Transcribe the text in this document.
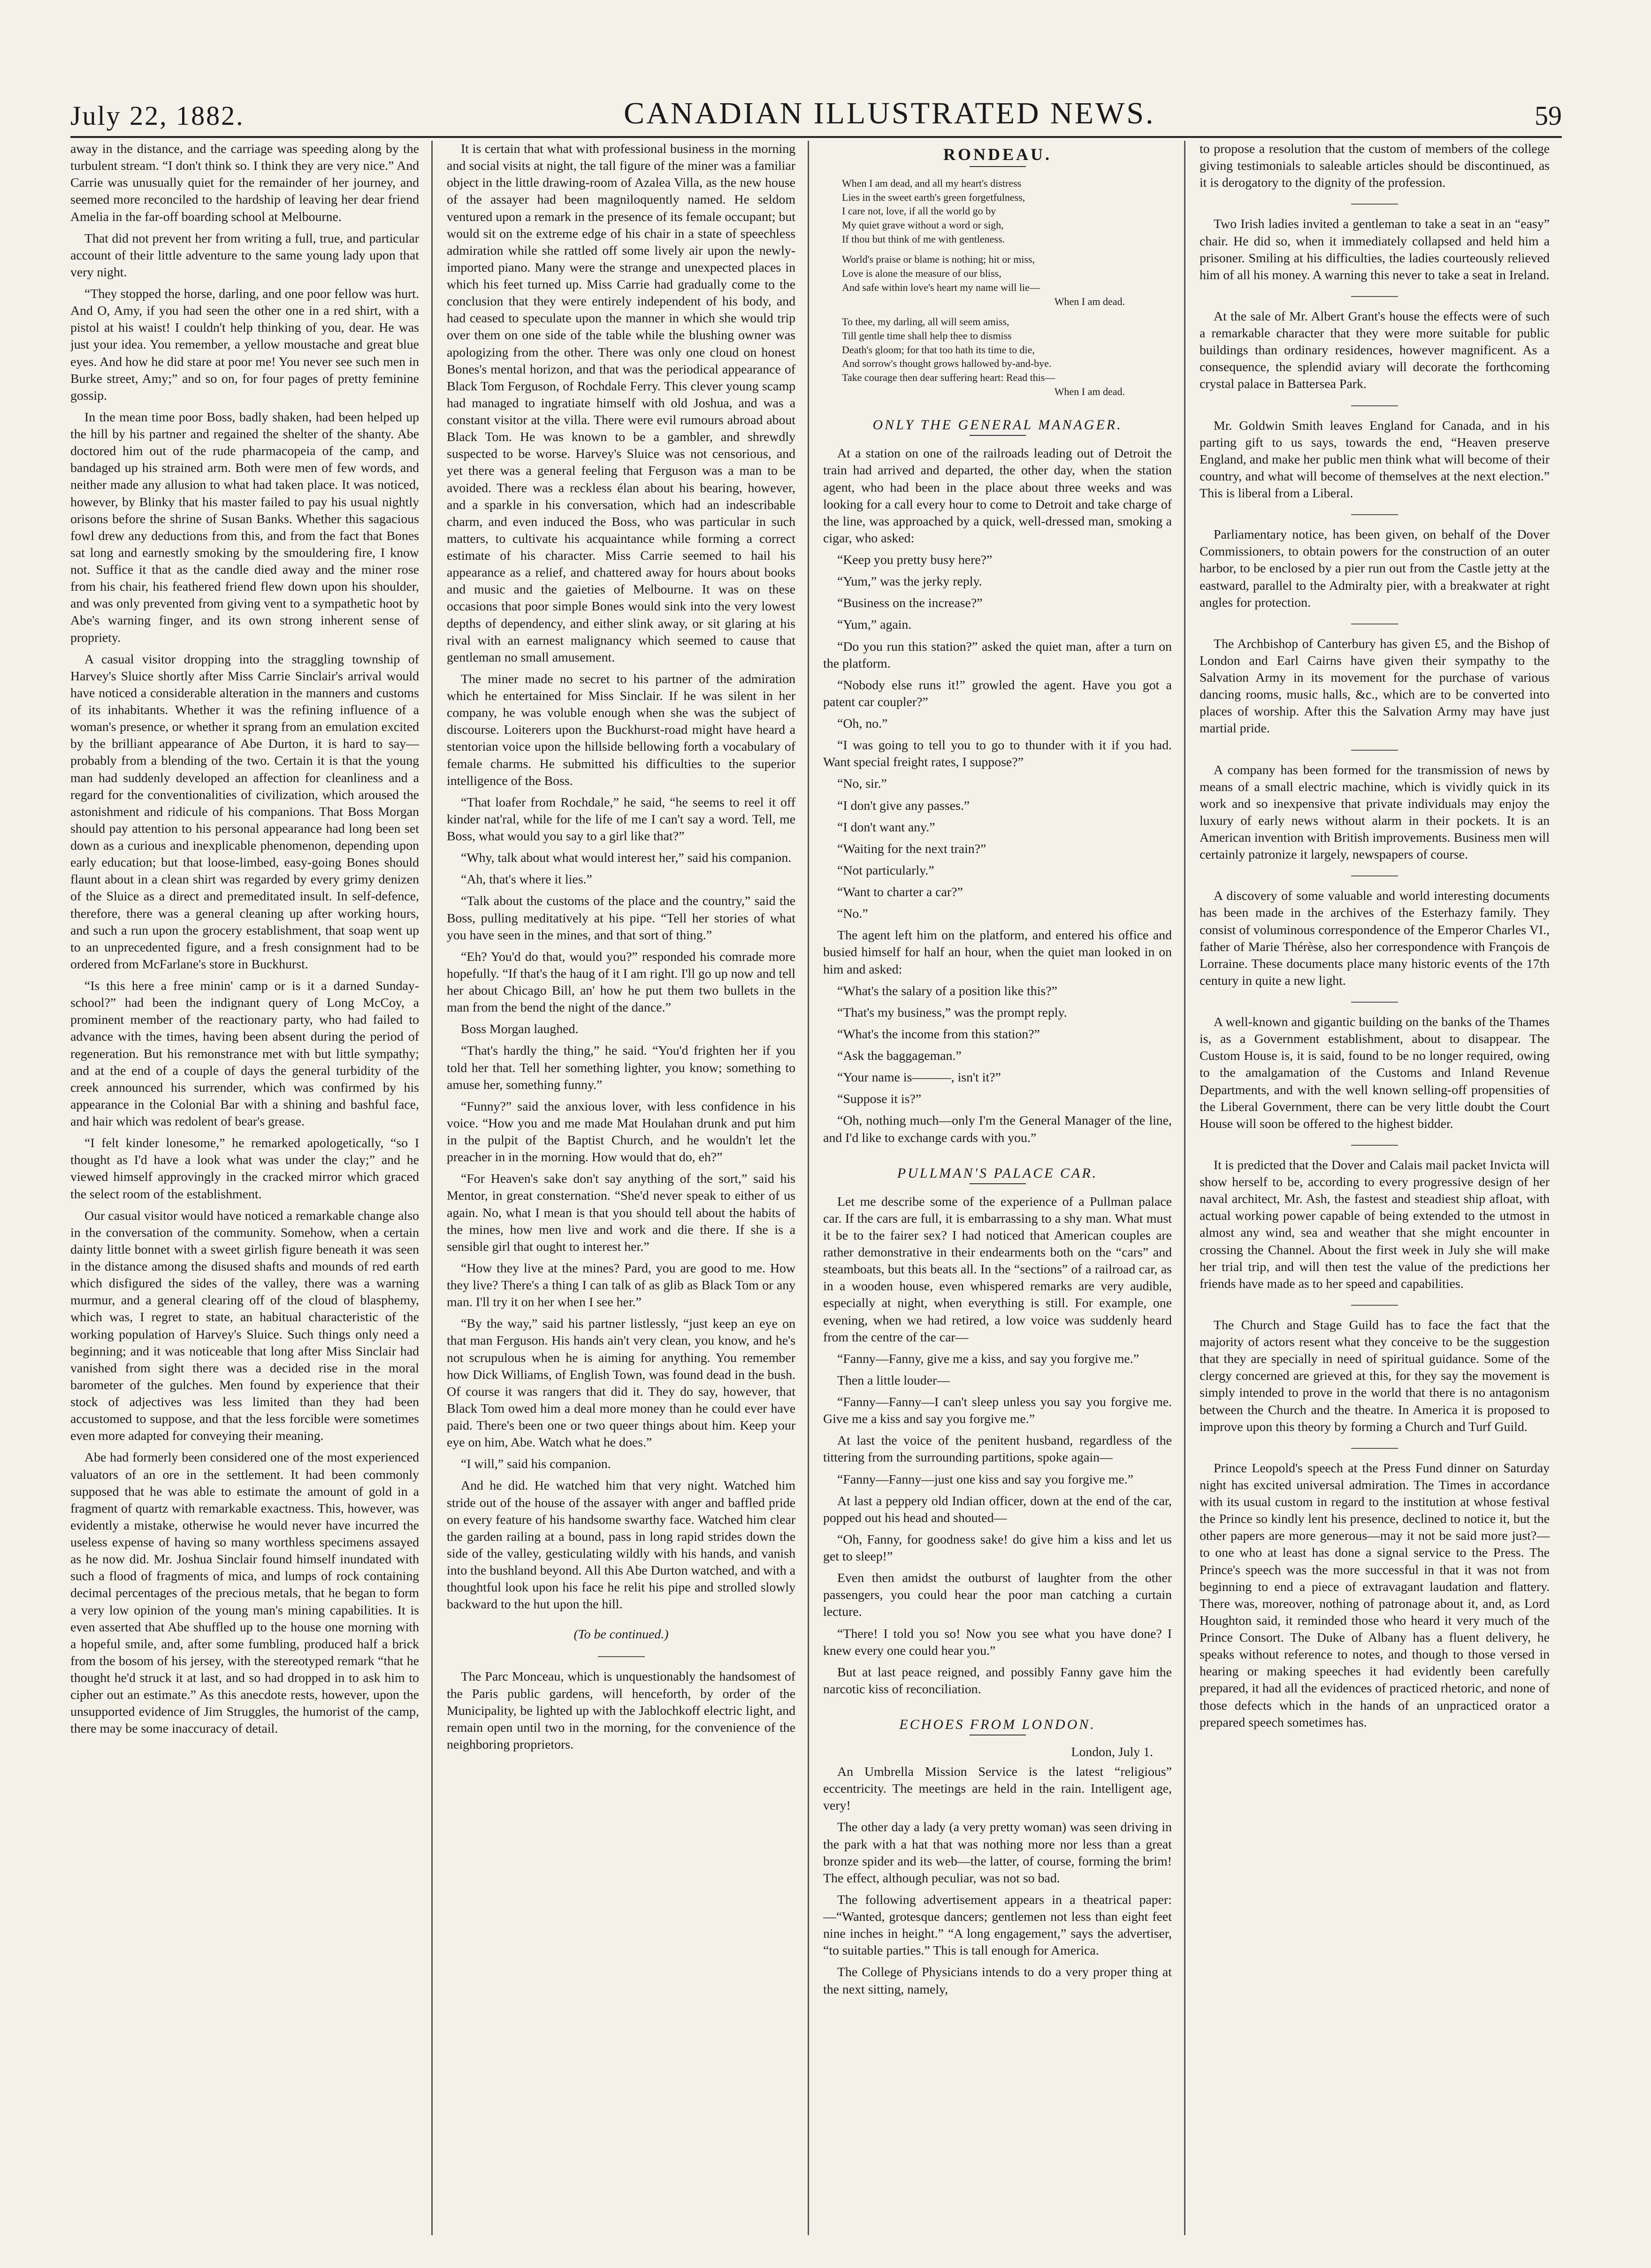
July 22, 1882.	CANADIAN ILLUSTRATED NEWS.	59

away in the distance, and the carriage was speeding along by the turbulent stream. “I don't think so. I think they are very nice.” And Carrie was unusually quiet for the remainder of her journey, and seemed more reconciled to the hardship of leaving her dear friend Amelia in the far-off boarding school at Melbourne.

That did not prevent her from writing a full, true, and particular account of their little adventure to the same young lady upon that very night.

“They stopped the horse, darling, and one poor fellow was hurt. And O, Amy, if you had seen the other one in a red shirt, with a pistol at his waist! I couldn't help thinking of you, dear. He was just your idea. You remember, a yellow moustache and great blue eyes. And how he did stare at poor me! You never see such men in Burke street, Amy;” and so on, for four pages of pretty feminine gossip.

In the mean time poor Boss, badly shaken, had been helped up the hill by his partner and regained the shelter of the shanty. Abe doctored him out of the rude pharmacopeia of the camp, and bandaged up his strained arm. Both were men of few words, and neither made any allusion to what had taken place. It was noticed, however, by Blinky that his master failed to pay his usual nightly orisons before the shrine of Susan Banks. Whether this sagacious fowl drew any deductions from this, and from the fact that Bones sat long and earnestly smoking by the smouldering fire, I know not. Suffice it that as the candle died away and the miner rose from his chair, his feathered friend flew down upon his shoulder, and was only prevented from giving vent to a sympathetic hoot by Abe's warning finger, and its own strong inherent sense of propriety.

A casual visitor dropping into the straggling township of Harvey's Sluice shortly after Miss Carrie Sinclair's arrival would have noticed a considerable alteration in the manners and customs of its inhabitants. Whether it was the refining influence of a woman's presence, or whether it sprang from an emulation excited by the brilliant appearance of Abe Durton, it is hard to say—probably from a blending of the two. Certain it is that the young man had suddenly developed an affection for cleanliness and a regard for the conventionalities of civilization, which aroused the astonishment and ridicule of his companions. That Boss Morgan should pay attention to his personal appearance had long been set down as a curious and inexplicable phenomenon, depending upon early education; but that loose-limbed, easy-going Bones should flaunt about in a clean shirt was regarded by every grimy denizen of the Sluice as a direct and premeditated insult. In self-defence, therefore, there was a general cleaning up after working hours, and such a run upon the grocery establishment, that soap went up to an unprecedented figure, and a fresh consignment had to be ordered from McFarlane's store in Buckhurst.

“Is this here a free minin' camp or is it a darned Sunday-school?” had been the indignant query of Long McCoy, a prominent member of the reactionary party, who had failed to advance with the times, having been absent during the period of regeneration. But his remonstrance met with but little sympathy; and at the end of a couple of days the general turbidity of the creek announced his surrender, which was confirmed by his appearance in the Colonial Bar with a shining and bashful face, and hair which was redolent of bear's grease.

“I felt kinder lonesome,” he remarked apologetically, “so I thought as I'd have a look what was under the clay;” and he viewed himself approvingly in the cracked mirror which graced the select room of the establishment.

Our casual visitor would have noticed a remarkable change also in the conversation of the community. Somehow, when a certain dainty little bonnet with a sweet girlish figure beneath it was seen in the distance among the disused shafts and mounds of red earth which disfigured the sides of the valley, there was a warning murmur, and a general clearing off of the cloud of blasphemy, which was, I regret to state, an habitual characteristic of the working population of Harvey's Sluice. Such things only need a beginning; and it was noticeable that long after Miss Sinclair had vanished from sight there was a decided rise in the moral barometer of the gulches. Men found by experience that their stock of adjectives was less limited than they had been accustomed to suppose, and that the less forcible were sometimes even more adapted for conveying their meaning.

Abe had formerly been considered one of the most experienced valuators of an ore in the settlement. It had been commonly supposed that he was able to estimate the amount of gold in a fragment of quartz with remarkable exactness. This, however, was evidently a mistake, otherwise he would never have incurred the useless expense of having so many worthless specimens assayed as he now did. Mr. Joshua Sinclair found himself inundated with such a flood of fragments of mica, and lumps of rock containing decimal percentages of the precious metals, that he began to form a very low opinion of the young man's mining capabilities. It is even asserted that Abe shuffled up to the house one morning with a hopeful smile, and, after some fumbling, produced half a brick from the bosom of his jersey, with the stereotyped remark “that he thought he'd struck it at last, and so had dropped in to ask him to cipher out an estimate.” As this anecdote rests, however, upon the unsupported evidence of Jim Struggles, the humorist of the camp, there may be some inaccuracy of detail.

It is certain that what with professional business in the morning and social visits at night, the tall figure of the miner was a familiar object in the little drawing-room of Azalea Villa, as the new house of the assayer had been magniloquently named. He seldom ventured upon a remark in the presence of its female occupant; but would sit on the extreme edge of his chair in a state of speechless admiration while she rattled off some lively air upon the newly-imported piano. Many were the strange and unexpected places in which his feet turned up. Miss Carrie had gradually come to the conclusion that they were entirely independent of his body, and had ceased to speculate upon the manner in which she would trip over them on one side of the table while the blushing owner was apologizing from the other. There was only one cloud on honest Bones's mental horizon, and that was the periodical appearance of Black Tom Ferguson, of Rochdale Ferry. This clever young scamp had managed to ingratiate himself with old Joshua, and was a constant visitor at the villa. There were evil rumours abroad about Black Tom. He was known to be a gambler, and shrewdly suspected to be worse. Harvey's Sluice was not censorious, and yet there was a general feeling that Ferguson was a man to be avoided. There was a reckless élan about his bearing, however, and a sparkle in his conversation, which had an indescribable charm, and even induced the Boss, who was particular in such matters, to cultivate his acquaintance while forming a correct estimate of his character. Miss Carrie seemed to hail his appearance as a relief, and chattered away for hours about books and music and the gaieties of Melbourne. It was on these occasions that poor simple Bones would sink into the very lowest depths of dependency, and either slink away, or sit glaring at his rival with an earnest malignancy which seemed to cause that gentleman no small amusement.

The miner made no secret to his partner of the admiration which he entertained for Miss Sinclair. If he was silent in her company, he was voluble enough when she was the subject of discourse. Loiterers upon the Buckhurst-road might have heard a stentorian voice upon the hillside bellowing forth a vocabulary of female charms. He submitted his difficulties to the superior intelligence of the Boss.

“That loafer from Rochdale,” he said, “he seems to reel it off kinder nat'ral, while for the life of me I can't say a word. Tell, me Boss, what would you say to a girl like that?”

“Why, talk about what would interest her,” said his companion.

“Ah, that's where it lies.”

“Talk about the customs of the place and the country,” said the Boss, pulling meditatively at his pipe. “Tell her stories of what you have seen in the mines, and that sort of thing.”

“Eh? You'd do that, would you?” responded his comrade more hopefully. “If that's the haug of it I am right. I'll go up now and tell her about Chicago Bill, an' how he put them two bullets in the man from the bend the night of the dance.”

Boss Morgan laughed.

“That's hardly the thing,” he said. “You'd frighten her if you told her that. Tell her something lighter, you know; something to amuse her, something funny.”

“Funny?” said the anxious lover, with less confidence in his voice. “How you and me made Mat Houlahan drunk and put him in the pulpit of the Baptist Church, and he wouldn't let the preacher in in the morning. How would that do, eh?”

“For Heaven's sake don't say anything of the sort,” said his Mentor, in great consternation. “She'd never speak to either of us again. No, what I mean is that you should tell about the habits of the mines, how men live and work and die there. If she is a sensible girl that ought to interest her.”

“How they live at the mines? Pard, you are good to me. How they live? There's a thing I can talk of as glib as Black Tom or any man. I'll try it on her when I see her.”

“By the way,” said his partner listlessly, “just keep an eye on that man Ferguson. His hands ain't very clean, you know, and he's not scrupulous when he is aiming for anything. You remember how Dick Williams, of English Town, was found dead in the bush. Of course it was rangers that did it. They do say, however, that Black Tom owed him a deal more money than he could ever have paid. There's been one or two queer things about him. Keep your eye on him, Abe. Watch what he does.”

“I will,” said his companion.

And he did. He watched him that very night. Watched him stride out of the house of the assayer with anger and baffled pride on every feature of his handsome swarthy face. Watched him clear the garden railing at a bound, pass in long rapid strides down the side of the valley, gesticulating wildly with his hands, and vanish into the bushland beyond. All this Abe Durton watched, and with a thoughtful look upon his face he relit his pipe and strolled slowly backward to the hut upon the hill.

(To be continued.)

The Parc Monceau, which is unquestionably the handsomest of the Paris public gardens, will henceforth, by order of the Municipality, be lighted up with the Jablochkoff electric light, and remain open until two in the morning, for the convenience of the neighboring proprietors.

RONDEAU.
When I am dead, and all my heart's distress
Lies in the sweet earth's green forgetfulness,
I care not, love, if all the world go by
My quiet grave without a word or sigh,
If thou but think of me with gentleness.
World's praise or blame is nothing; hit or miss,
Love is alone the measure of our bliss,
And safe within love's heart my name will lie—
When I am dead.
To thee, my darling, all will seem amiss,
Till gentle time shall help thee to dismiss
Death's gloom; for that too hath its time to die,
And sorrow's thought grows hallowed by-and-bye.
Take courage then dear suffering heart: Read this—
When I am dead.
ONLY THE GENERAL MANAGER.

At a station on one of the railroads leading out of Detroit the train had arrived and departed, the other day, when the station agent, who had been in the place about three weeks and was looking for a call every hour to come to Detroit and take charge of the line, was approached by a quick, well-dressed man, smoking a cigar, who asked:

“Keep you pretty busy here?”

“Yum,” was the jerky reply.

“Business on the increase?”

“Yum,” again.

“Do you run this station?” asked the quiet man, after a turn on the platform.

“Nobody else runs it!” growled the agent. Have you got a patent car coupler?”

“Oh, no.”

“I was going to tell you to go to thunder with it if you had. Want special freight rates, I suppose?”

“No, sir.”

“I don't give any passes.”

“I don't want any.”

“Waiting for the next train?”

“Not particularly.”

“Want to charter a car?”

“No.”

The agent left him on the platform, and entered his office and busied himself for half an hour, when the quiet man looked in on him and asked:

“What's the salary of a position like this?”

“That's my business,” was the prompt reply.

“What's the income from this station?”

“Ask the baggageman.”

“Your name is———, isn't it?”

“Suppose it is?”

“Oh, nothing much—only I'm the General Manager of the line, and I'd like to exchange cards with you.”

PULLMAN'S PALACE CAR.

Let me describe some of the experience of a Pullman palace car. If the cars are full, it is embarrassing to a shy man. What must it be to the fairer sex? I had noticed that American couples are rather demonstrative in their endearments both on the “cars” and steamboats, but this beats all. In the “sections” of a railroad car, as in a wooden house, even whispered remarks are very audible, especially at night, when everything is still. For example, one evening, when we had retired, a low voice was suddenly heard from the centre of the car—

“Fanny—Fanny, give me a kiss, and say you forgive me.”

Then a little louder—

“Fanny—Fanny—I can't sleep unless you say you forgive me. Give me a kiss and say you forgive me.”

At last the voice of the penitent husband, regardless of the tittering from the surrounding partitions, spoke again—

“Fanny—Fanny—just one kiss and say you forgive me.”

At last a peppery old Indian officer, down at the end of the car, popped out his head and shouted—

“Oh, Fanny, for goodness sake! do give him a kiss and let us get to sleep!”

Even then amidst the outburst of laughter from the other passengers, you could hear the poor man catching a curtain lecture.

“There! I told you so! Now you see what you have done? I knew every one could hear you.”

But at last peace reigned, and possibly Fanny gave him the narcotic kiss of reconciliation.

ECHOES FROM LONDON.
London, July 1.

An Umbrella Mission Service is the latest “religious” eccentricity. The meetings are held in the rain. Intelligent age, very!

The other day a lady (a very pretty woman) was seen driving in the park with a hat that was nothing more nor less than a great bronze spider and its web—the latter, of course, forming the brim! The effect, although peculiar, was not so bad.

The following advertisement appears in a theatrical paper:—“Wanted, grotesque dancers; gentlemen not less than eight feet nine inches in height.” “A long engagement,” says the advertiser, “to suitable parties.” This is tall enough for America.

The College of Physicians intends to do a very proper thing at the next sitting, namely,

to propose a resolution that the custom of members of the college giving testimonials to saleable articles should be discontinued, as it is derogatory to the dignity of the profession.

Two Irish ladies invited a gentleman to take a seat in an “easy” chair. He did so, when it immediately collapsed and held him a prisoner. Smiling at his difficulties, the ladies courteously relieved him of all his money. A warning this never to take a seat in Ireland.

At the sale of Mr. Albert Grant's house the effects were of such a remarkable character that they were more suitable for public buildings than ordinary residences, however magnificent. As a consequence, the splendid aviary will decorate the forthcoming crystal palace in Battersea Park.

Mr. Goldwin Smith leaves England for Canada, and in his parting gift to us says, towards the end, “Heaven preserve England, and make her public men think what will become of their country, and what will become of themselves at the next election.” This is liberal from a Liberal.

Parliamentary notice, has been given, on behalf of the Dover Commissioners, to obtain powers for the construction of an outer harbor, to be enclosed by a pier run out from the Castle jetty at the eastward, parallel to the Admiralty pier, with a breakwater at right angles for protection.

The Archbishop of Canterbury has given £5, and the Bishop of London and Earl Cairns have given their sympathy to the Salvation Army in its movement for the purchase of various dancing rooms, music halls, &c., which are to be converted into places of worship. After this the Salvation Army may have just martial pride.

A company has been formed for the transmission of news by means of a small electric machine, which is vividly quick in its work and so inexpensive that private individuals may enjoy the luxury of early news without alarm in their pockets. It is an American invention with British improvements. Business men will certainly patronize it largely, newspapers of course.

A discovery of some valuable and world interesting documents has been made in the archives of the Esterhazy family. They consist of voluminous correspondence of the Emperor Charles VI., father of Marie Thérèse, also her correspondence with François de Lorraine. These documents place many historic events of the 17th century in quite a new light.

A well-known and gigantic building on the banks of the Thames is, as a Government establishment, about to disappear. The Custom House is, it is said, found to be no longer required, owing to the amalgamation of the Customs and Inland Revenue Departments, and with the well known selling-off propensities of the Liberal Government, there can be very little doubt the Court House will soon be offered to the highest bidder.

It is predicted that the Dover and Calais mail packet Invicta will show herself to be, according to every progressive design of her naval architect, Mr. Ash, the fastest and steadiest ship afloat, with actual working power capable of being extended to the utmost in almost any wind, sea and weather that she might encounter in crossing the Channel. About the first week in July she will make her trial trip, and will then test the value of the predictions her friends have made as to her speed and capabilities.

The Church and Stage Guild has to face the fact that the majority of actors resent what they conceive to be the suggestion that they are specially in need of spiritual guidance. Some of the clergy concerned are grieved at this, for they say the movement is simply intended to prove in the world that there is no antagonism between the Church and the theatre. In America it is proposed to improve upon this theory by forming a Church and Turf Guild.

Prince Leopold's speech at the Press Fund dinner on Saturday night has excited universal admiration. The Times in accordance with its usual custom in regard to the institution at whose festival the Prince so kindly lent his presence, declined to notice it, but the other papers are more generous—may it not be said more just?—to one who at least has done a signal service to the Press. The Prince's speech was the more successful in that it was not from beginning to end a piece of extravagant laudation and flattery. There was, moreover, nothing of patronage about it, and, as Lord Houghton said, it reminded those who heard it very much of the Prince Consort. The Duke of Albany has a fluent delivery, he speaks without reference to notes, and though to those versed in hearing or making speeches it had evidently been carefully prepared, it had all the evidences of practiced rhetoric, and none of those defects which in the hands of an unpracticed orator a prepared speech sometimes has.
